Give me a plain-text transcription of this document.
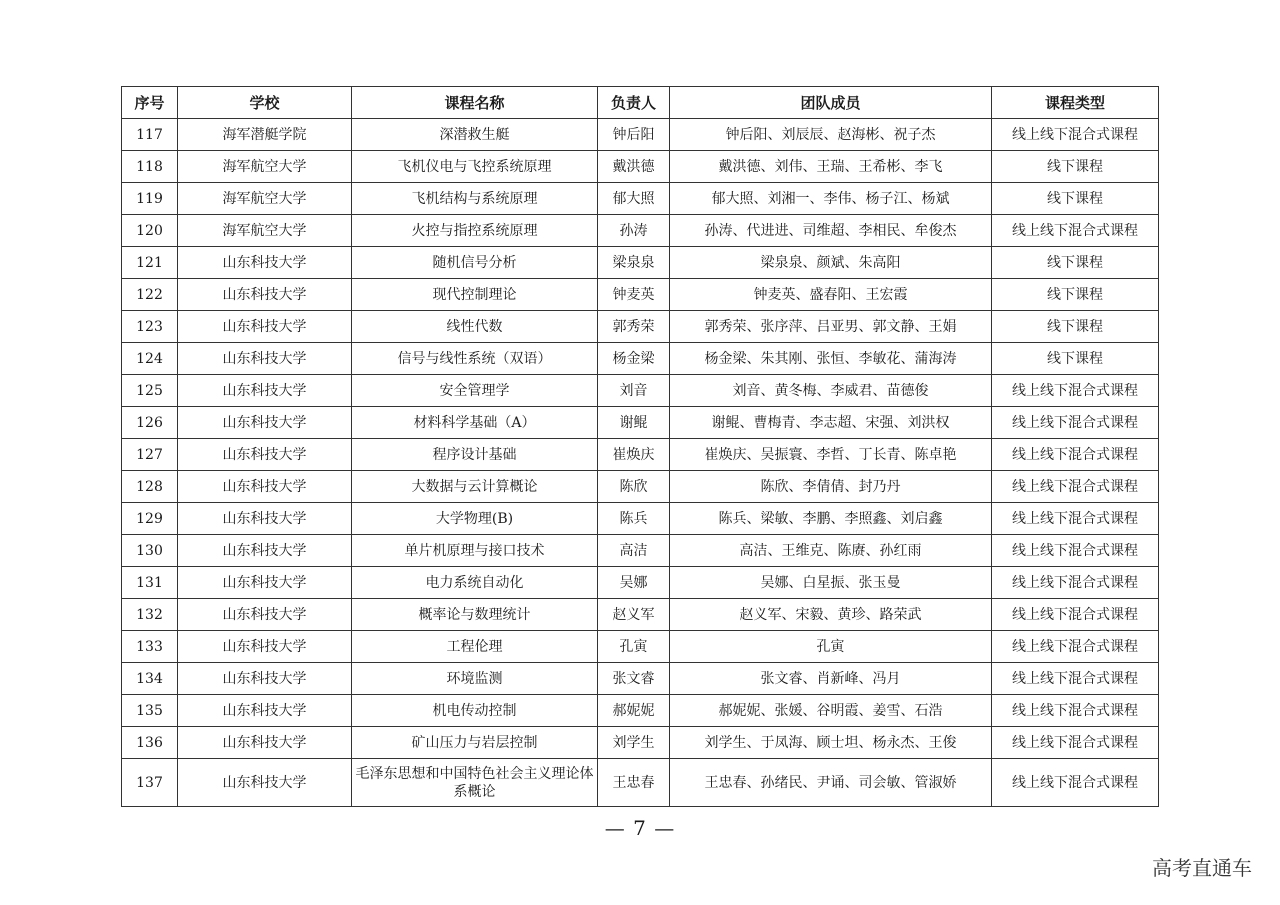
序号	学校	课程名称	负责人	团队成员	课程类型
117	海军潜艇学院	深潜救生艇	钟后阳	钟后阳、刘辰辰、赵海彬、祝子杰	线上线下混合式课程
118	海军航空大学	飞机仪电与飞控系统原理	戴洪德	戴洪德、刘伟、王瑞、王希彬、李飞	线下课程
119	海军航空大学	飞机结构与系统原理	郁大照	郁大照、刘湘一、李伟、杨子江、杨斌	线下课程
120	海军航空大学	火控与指控系统原理	孙涛	孙涛、代进进、司维超、李相民、牟俊杰	线上线下混合式课程
121	山东科技大学	随机信号分析	梁泉泉	梁泉泉、颜斌、朱高阳	线下课程
122	山东科技大学	现代控制理论	钟麦英	钟麦英、盛春阳、王宏霞	线下课程
123	山东科技大学	线性代数	郭秀荣	郭秀荣、张序萍、吕亚男、郭文静、王娟	线下课程
124	山东科技大学	信号与线性系统（双语）	杨金梁	杨金梁、朱其刚、张恒、李敏花、蒲海涛	线下课程
125	山东科技大学	安全管理学	刘音	刘音、黄冬梅、李威君、苗德俊	线上线下混合式课程
126	山东科技大学	材料科学基础（A）	谢鲲	谢鲲、曹梅青、李志超、宋强、刘洪权	线上线下混合式课程
127	山东科技大学	程序设计基础	崔焕庆	崔焕庆、吴振寰、李哲、丁长青、陈卓艳	线上线下混合式课程
128	山东科技大学	大数据与云计算概论	陈欣	陈欣、李倩倩、封乃丹	线上线下混合式课程
129	山东科技大学	大学物理(B)	陈兵	陈兵、梁敏、李鹏、李照鑫、刘启鑫	线上线下混合式课程
130	山东科技大学	单片机原理与接口技术	高洁	高洁、王维克、陈赓、孙红雨	线上线下混合式课程
131	山东科技大学	电力系统自动化	吴娜	吴娜、白星振、张玉曼	线上线下混合式课程
132	山东科技大学	概率论与数理统计	赵义军	赵义军、宋毅、黄珍、路荣武	线上线下混合式课程
133	山东科技大学	工程伦理	孔寅	孔寅	线上线下混合式课程
134	山东科技大学	环境监测	张文睿	张文睿、肖新峰、冯月	线上线下混合式课程
135	山东科技大学	机电传动控制	郝妮妮	郝妮妮、张媛、谷明霞、姜雪、石浩	线上线下混合式课程
136	山东科技大学	矿山压力与岩层控制	刘学生	刘学生、于凤海、顾士坦、杨永杰、王俊	线上线下混合式课程
137	山东科技大学	毛泽东思想和中国特色社会主义理论体系概论	王忠春	王忠春、孙绪民、尹诵、司会敏、管淑娇	线上线下混合式课程
— 7 —
高考直通车
